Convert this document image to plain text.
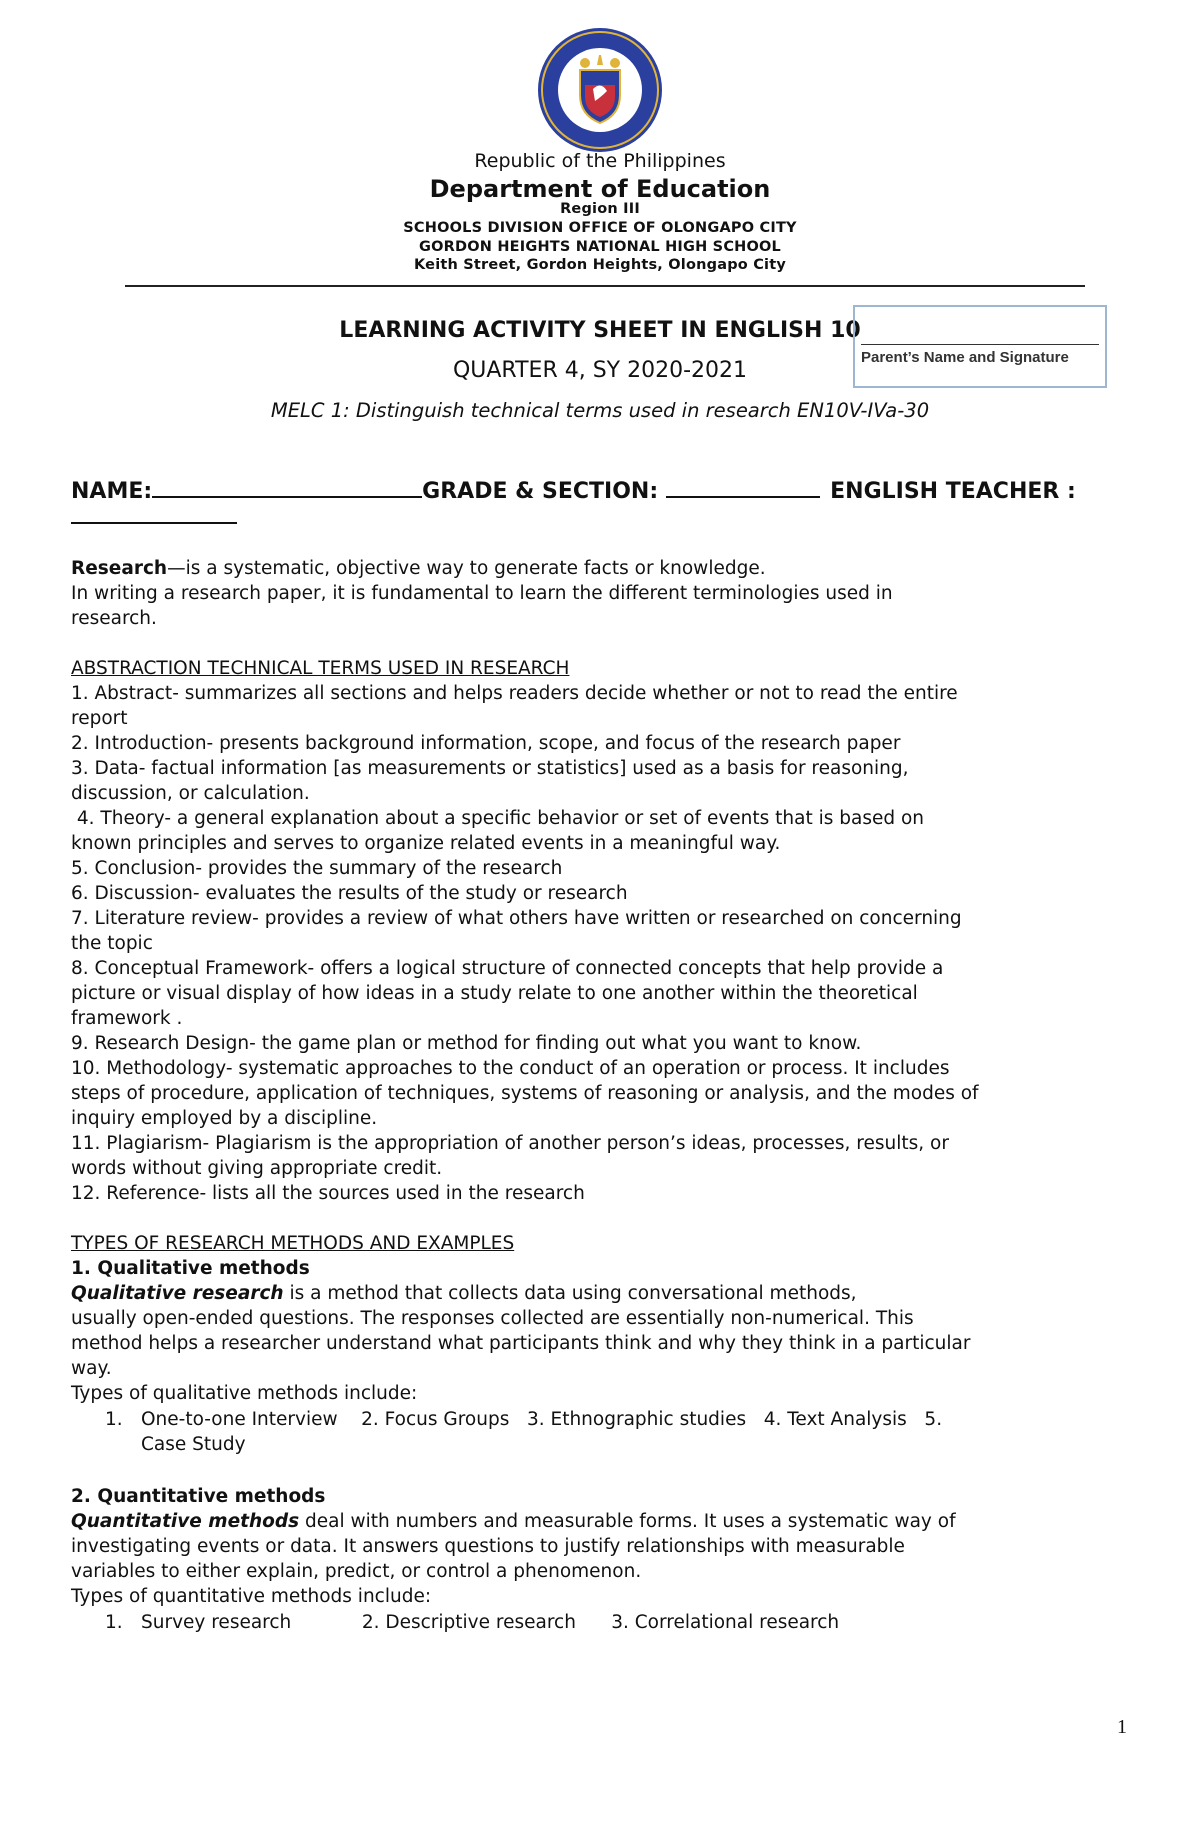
Republic of the Philippines
Department of Education
Region III
SCHOOLS DIVISION OFFICE OF OLONGAPO CITY
GORDON HEIGHTS NATIONAL HIGH SCHOOL
Keith Street, Gordon Heights, Olongapo City
LEARNING ACTIVITY SHEET IN ENGLISH 10
QUARTER 4, SY 2020-2021
MELC 1: Distinguish technical terms used in research EN10V-IVa-30
Parent’s Name and Signature
NAME:	GRADE & SECTION:	ENGLISH TEACHER :
Research—is a systematic, objective way to generate facts or knowledge.
In writing a research paper, it is fundamental to learn the different terminologies used in
research.
ABSTRACTION TECHNICAL TERMS USED IN RESEARCH
1. Abstract- summarizes all sections and helps readers decide whether or not to read the entire
report
2. Introduction- presents background information, scope, and focus of the research paper
3. Data- factual information [as measurements or statistics] used as a basis for reasoning,
discussion, or calculation.
4. Theory- a general explanation about a specific behavior or set of events that is based on
known principles and serves to organize related events in a meaningful way.
5. Conclusion- provides the summary of the research
6. Discussion- evaluates the results of the study or research
7. Literature review- provides a review of what others have written or researched on concerning
the topic
8. Conceptual Framework- offers a logical structure of connected concepts that help provide a
picture or visual display of how ideas in a study relate to one another within the theoretical
framework .
9. Research Design- the game plan or method for finding out what you want to know.
10. Methodology- systematic approaches to the conduct of an operation or process. It includes
steps of procedure, application of techniques, systems of reasoning or analysis, and the modes of
inquiry employed by a discipline.
11. Plagiarism- Plagiarism is the appropriation of another person’s ideas, processes, results, or
words without giving appropriate credit.
12. Reference- lists all the sources used in the research
TYPES OF RESEARCH METHODS AND EXAMPLES
1. Qualitative methods
Qualitative research is a method that collects data using conversational methods,
usually open-ended questions. The responses collected are essentially non-numerical. This
method helps a researcher understand what participants think and why they think in a particular
way.
Types of qualitative methods include:
1. One-to-one Interview    2. Focus Groups   3. Ethnographic studies   4. Text Analysis   5.
Case Study
2. Quantitative methods
Quantitative methods deal with numbers and measurable forms. It uses a systematic way of
investigating events or data. It answers questions to justify relationships with measurable
variables to either explain, predict, or control a phenomenon.
Types of quantitative methods include:
1. Survey research            2. Descriptive research      3. Correlational research
1
